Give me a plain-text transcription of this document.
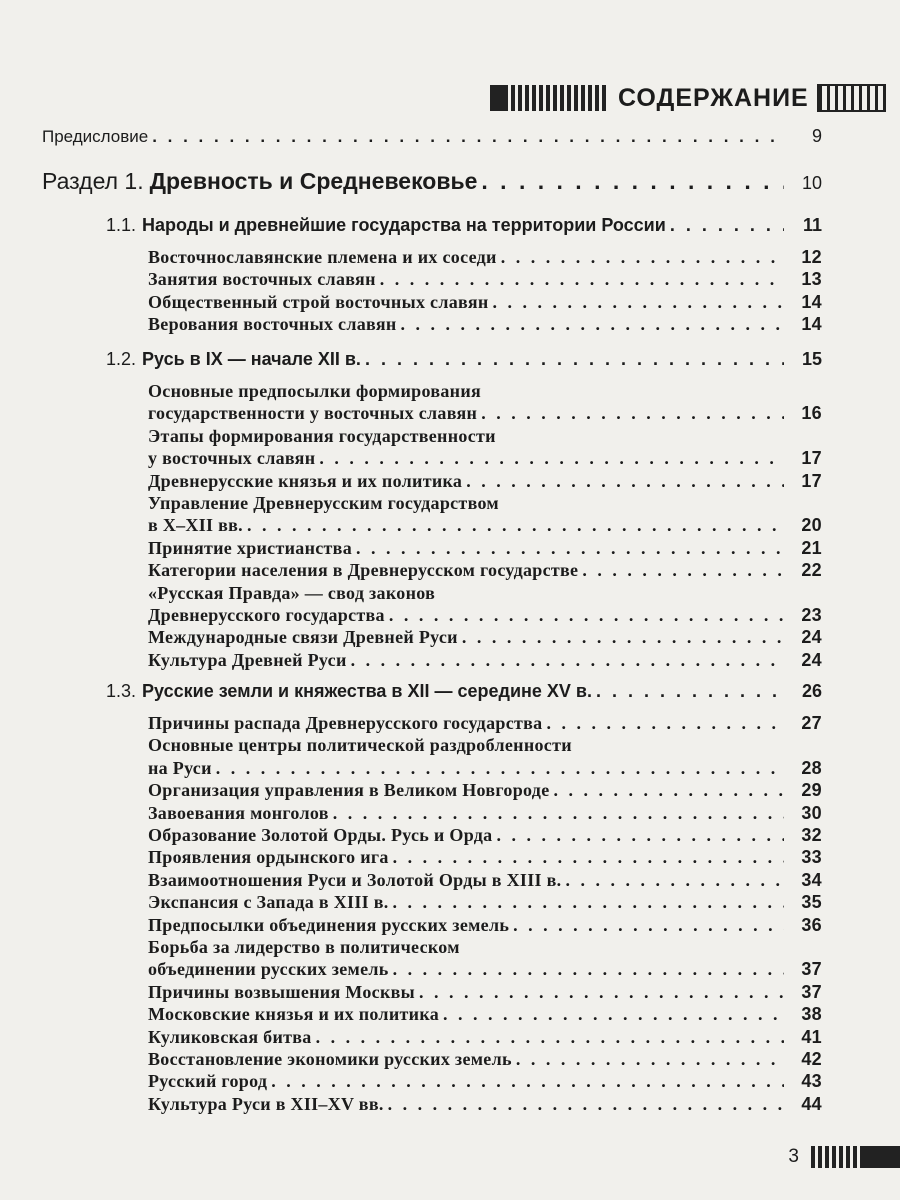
СОДЕРЖАНИЕ
Предисловие . . .	9
Раздел 1. Древность и Средневековье . . .	10
1.1. Народы и древнейшие государства на территории России . . .	11
Восточнославянские племена и их соседи . . .	12
Занятия восточных славян . . .	13
Общественный строй восточных славян . . .	14
Верования восточных славян . . .	14
1.2. Русь в IX — начале XII в. . . .	15
Основные предпосылки формирования
государственности у восточных славян . . .	16
Этапы формирования государственности
у восточных славян . . .	17
Древнерусские князья и их политика . . .	17
Управление Древнерусским государством
в X–XII вв. . . .	20
Принятие христианства . . .	21
Категории населения в Древнерусском государстве . . .	22
«Русская Правда» — свод законов
Древнерусского государства . . .	23
Международные связи Древней Руси . . .	24
Культура Древней Руси . . .	24
1.3. Русские земли и княжества в XII — середине XV в. . . .	26
Причины распада Древнерусского государства . . .	27
Основные центры политической раздробленности
на Руси . . .	28
Организация управления в Великом Новгороде . . .	29
Завоевания монголов . . .	30
Образование Золотой Орды. Русь и Орда . . .	32
Проявления ордынского ига . . .	33
Взаимоотношения Руси и Золотой Орды в XIII в. . . .	34
Экспансия с Запада в XIII в. . . .	35
Предпосылки объединения русских земель . . .	36
Борьба за лидерство в политическом
объединении русских земель . . .	37
Причины возвышения Москвы . . .	37
Московские князья и их политика . . .	38
Куликовская битва . . .	41
Восстановление экономики русских земель . . .	42
Русский город . . .	43
Культура Руси в XII–XV вв. . . .	44
3
